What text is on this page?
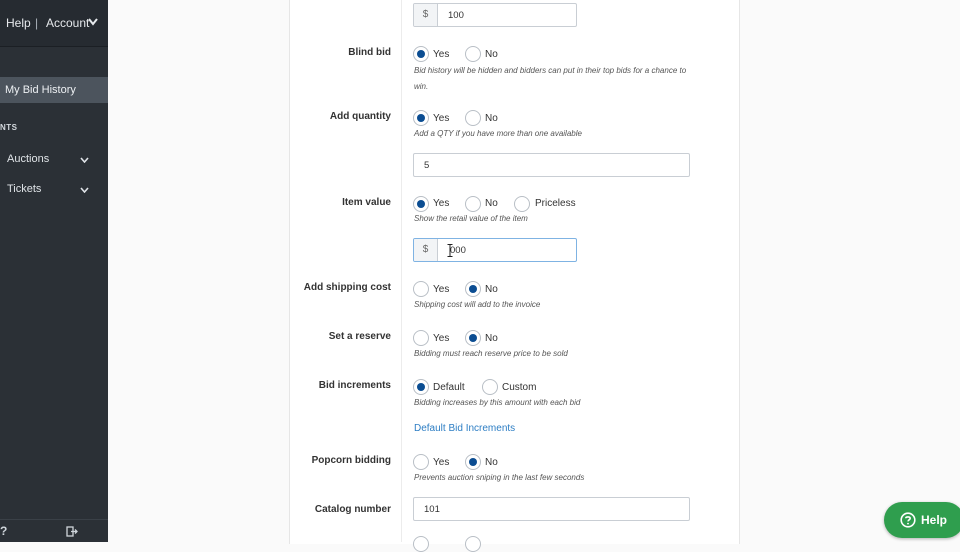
Help | Account
My Bid History
NTS
Auctions
Tickets
?
$	100
Blind bid	Yes	No
Bid history will be hidden and bidders can put in their top bids for a chance to win.
Add quantity	Yes	No
Add a QTY if you have more than one available
5
Item value	Yes	No	Priceless
Show the retail value of the item
$	000
Add shipping cost	Yes	No
Shipping cost will add to the invoice
Set a reserve	Yes	No
Bidding must reach reserve price to be sold
Bid increments	Default	Custom
Bidding increases by this amount with each bid
Default Bid Increments
Popcorn bidding	Yes	No
Prevents auction sniping in the last few seconds
Catalog number	101
Help
